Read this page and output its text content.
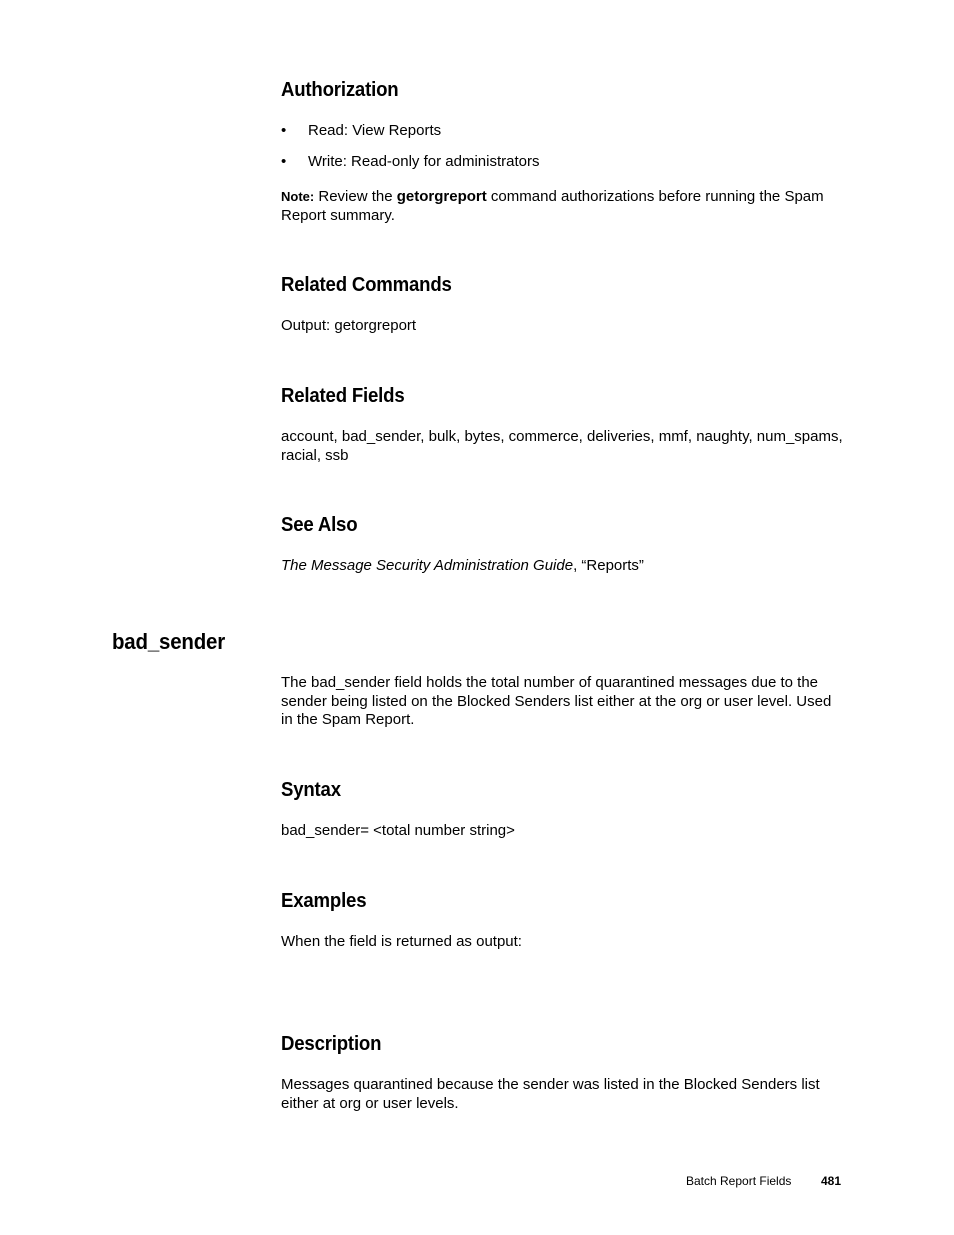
Authorization
• Read: View Reports
• Write: Read-only for administrators

Note: Review the getorgreport command authorizations before running the Spam Report summary.

Related Commands

Output: getorgreport

Related Fields

account, bad_sender, bulk, bytes, commerce, deliveries, mmf, naughty, num_spams, racial, ssb

See Also

The Message Security Administration Guide, “Reports”

bad_sender

The bad_sender field holds the total number of quarantined messages due to the sender being listed on the Blocked Senders list either at the org or user level. Used in the Spam Report.

Syntax

bad_sender= <total number string>

Examples

When the field is returned as output:

Description

Messages quarantined because the sender was listed in the Blocked Senders list either at org or user levels.

Batch Report Fields 481
